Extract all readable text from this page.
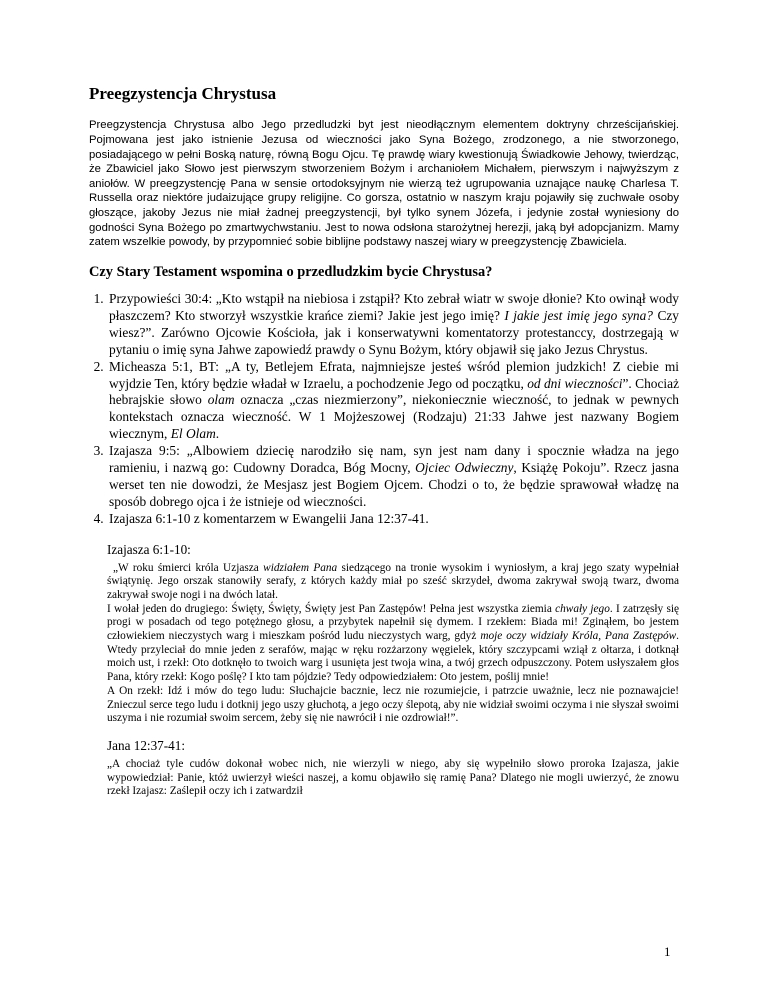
Preegzystencja Chrystusa

Preegzystencja Chrystusa albo Jego przedludzki byt jest nieodłącznym elementem doktryny chrześcijańskiej. Pojmowana jest jako istnienie Jezusa od wieczności jako Syna Bożego, zrodzonego, a nie stworzonego, posiadającego w pełni Boską naturę, równą Bogu Ojcu. Tę prawdę wiary kwestionują Świadkowie Jehowy, twierdząc, że Zbawiciel jako Słowo jest pierwszym stworzeniem Bożym i archaniołem Michałem, pierwszym i najwyższym z aniołów. W preegzystencję Pana w sensie ortodoksyjnym nie wierzą też ugrupowania uznające naukę Charlesa T. Russella oraz niektóre judaizujące grupy religijne. Co gorsza, ostatnio w naszym kraju pojawiły się zuchwałe osoby głoszące, jakoby Jezus nie miał żadnej preegzystencji, był tylko synem Józefa, i jedynie został wyniesiony do godności Syna Bożego po zmartwychwstaniu. Jest to nowa odsłona starożytnej herezji, jaką był adopcjanizm. Mamy zatem wszelkie powody, by przypomnieć sobie biblijne podstawy naszej wiary w preegzystencję Zbawiciela.

Czy Stary Testament wspomina o przedludzkim bycie Chrystusa?
1. Przypowieści 30:4: „Kto wstąpił na niebiosa i zstąpił? Kto zebrał wiatr w swoje dłonie? Kto owinął wody płaszczem? Kto stworzył wszystkie krańce ziemi? Jakie jest jego imię? I jakie jest imię jego syna? Czy wiesz?”. Zarówno Ojcowie Kościoła, jak i konserwatywni komentatorzy protestanccy, dostrzegają w pytaniu o imię syna Jahwe zapowiedź prawdy o Synu Bożym, który objawił się jako Jezus Chrystus.
2. Micheasza 5:1, BT: „A ty, Betlejem Efrata, najmniejsze jesteś wśród plemion judzkich! Z ciebie mi wyjdzie Ten, który będzie władał w Izraelu, a pochodzenie Jego od początku, od dni wieczności”. Chociaż hebrajskie słowo olam oznacza „czas niezmierzony”, niekoniecznie wieczność, to jednak w pewnych kontekstach oznacza wieczność. W 1 Mojżeszowej (Rodzaju) 21:33 Jahwe jest nazwany Bogiem wiecznym, El Olam.
3. Izajasza 9:5: „Albowiem dziecię narodziło się nam, syn jest nam dany i spocznie władza na jego ramieniu, i nazwą go: Cudowny Doradca, Bóg Mocny, Ojciec Odwieczny, Książę Pokoju”. Rzecz jasna werset ten nie dowodzi, że Mesjasz jest Bogiem Ojcem. Chodzi o to, że będzie sprawował władzę na sposób dobrego ojca i że istnieje od wieczności.
4. Izajasza 6:1-10 z komentarzem w Ewangelii Jana 12:37-41.
Izajasza 6:1-10:

„W roku śmierci króla Uzjasza widziałem Pana siedzącego na tronie wysokim i wyniosłym, a kraj jego szaty wypełniał świątynię. Jego orszak stanowiły serafy, z których każdy miał po sześć skrzydeł, dwoma zakrywał swoją twarz, dwoma zakrywał swoje nogi i na dwóch latał.

I wołał jeden do drugiego: Święty, Święty, Święty jest Pan Zastępów! Pełna jest wszystka ziemia chwały jego. I zatrzęsły się progi w posadach od tego potężnego głosu, a przybytek napełnił się dymem. I rzekłem: Biada mi! Zginąłem, bo jestem człowiekiem nieczystych warg i mieszkam pośród ludu nieczystych warg, gdyż moje oczy widziały Króla, Pana Zastępów. Wtedy przyleciał do mnie jeden z serafów, mając w ręku rozżarzony węgielek, który szczypcami wziął z ołtarza, i dotknął moich ust, i rzekł: Oto dotknęło to twoich warg i usunięta jest twoja wina, a twój grzech odpuszczony. Potem usłyszałem głos Pana, który rzekł: Kogo poślę? I kto tam pójdzie? Tedy odpowiedziałem: Oto jestem, poślij mnie!

A On rzekł: Idź i mów do tego ludu: Słuchajcie bacznie, lecz nie rozumiejcie, i patrzcie uważnie, lecz nie poznawajcie! Znieczul serce tego ludu i dotknij jego uszy głuchotą, a jego oczy ślepotą, aby nie widział swoimi oczyma i nie słyszał swoimi uszyma i nie rozumiał swoim sercem, żeby się nie nawrócił i nie ozdrowiał!”.

Jana 12:37-41:

„A chociaż tyle cudów dokonał wobec nich, nie wierzyli w niego, aby się wypełniło słowo proroka Izajasza, jakie wypowiedział: Panie, któż uwierzył wieści naszej, a komu objawiło się ramię Pana? Dlatego nie mogli uwierzyć, że znowu rzekł Izajasz: Zaślepił oczy ich i zatwardził

1
